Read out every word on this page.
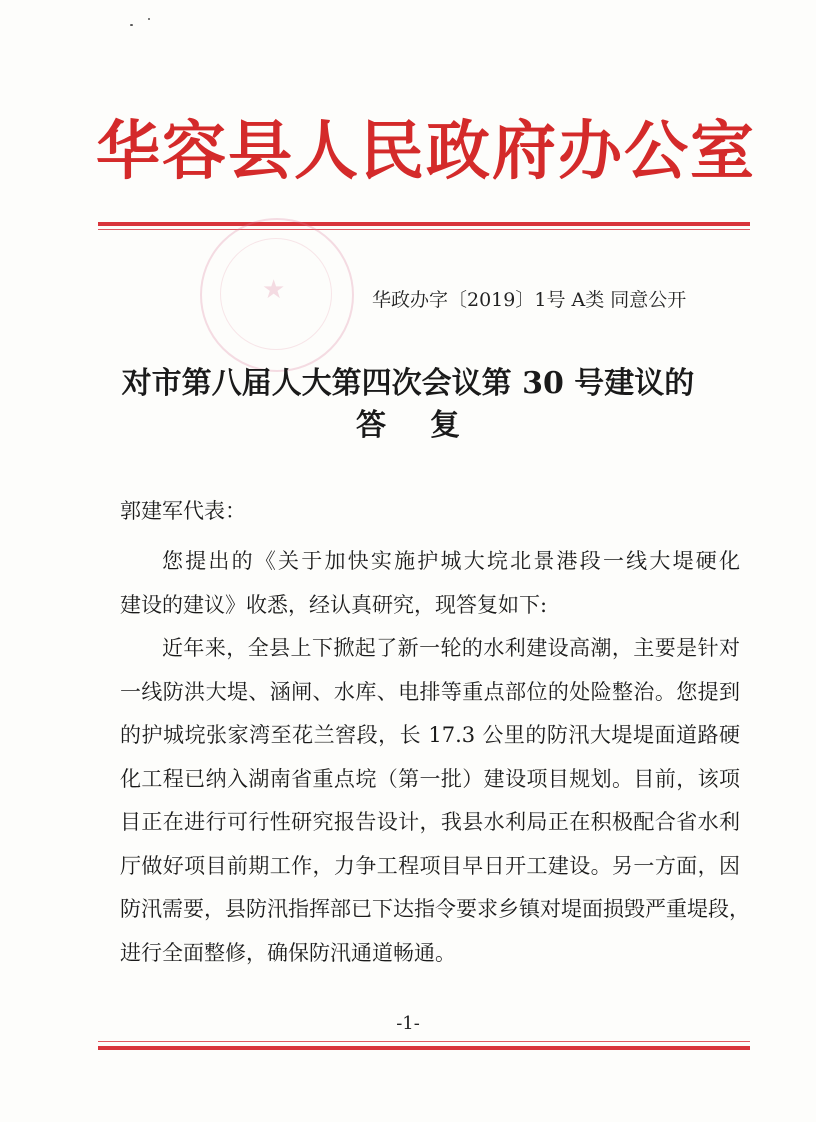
华容县人民政府办公室
★	华政办字〔2019〕1号 A类 同意公开
对市第八届人大第四次会议第 30 号建议的
答复
郭建军代表：
您提出的《关于加快实施护城大垸北景港段一线大堤硬化
建设的建议》收悉，经认真研究，现答复如下:
近年来，全县上下掀起了新一轮的水利建设高潮，主要是针对
一线防洪大堤、涵闸、水库、电排等重点部位的处险整治。您提到
的护城垸张家湾至花兰窖段，长 17.3 公里的防汛大堤堤面道路硬
化工程已纳入湖南省重点垸（第一批）建设项目规划。目前，该项
目正在进行可行性研究报告设计，我县水利局正在积极配合省水利
厅做好项目前期工作，力争工程项目早日开工建设。另一方面，因
防汛需要，县防汛指挥部已下达指令要求乡镇对堤面损毁严重堤段，
进行全面整修，确保防汛通道畅通。
-1-
